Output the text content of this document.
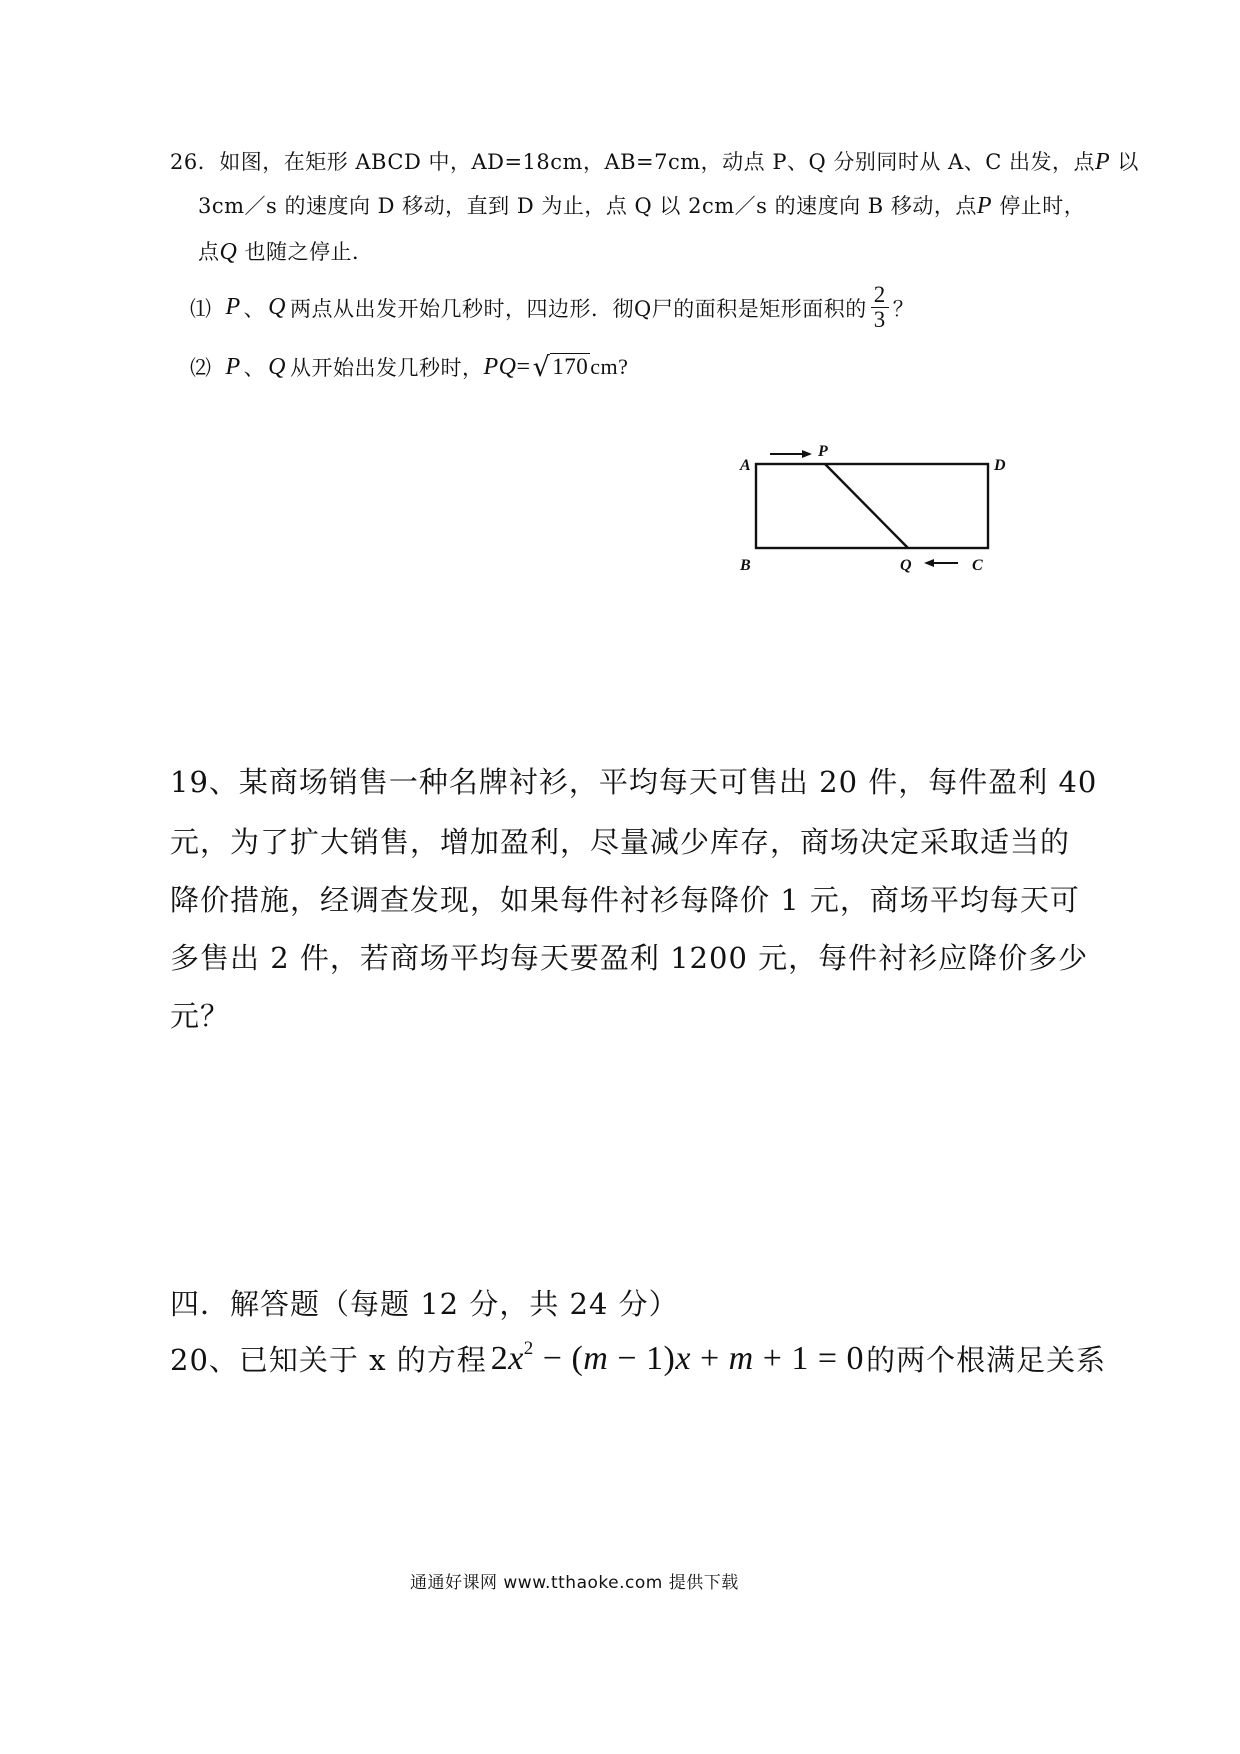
26．如图，在矩形 ABCD 中，AD=18cm，AB=7cm，动点 P、Q 分别同时从 A、C 出发，点P 以
3cm／s 的速度向 D 移动，直到 D 为止，点 Q 以 2cm／s 的速度向 B 移动，点P 停止时，
点Q 也随之停止．
⑴ P 、 Q 两点从出发开始几秒时，四边形．彻Q尸的面积是矩形面积的 $\frac{2}{3}$ ？
⑵ P 、 Q 从开始出发几秒时， PQ = √ 170 cm?
A
B	C
D
P
Q
19、某商场销售一种名牌衬衫，平均每天可售出 20 件，每件盈利 40
元，为了扩大销售，增加盈利，尽量减少库存，商场决定采取适当的
降价措施，经调查发现，如果每件衬衫每降价 1 元，商场平均每天可
多售出 2 件，若商场平均每天要盈利 1200 元，每件衬衫应降价多少
元？
四．解答题（每题 12 分，共 24 分）
20、已知关于 x 的方程 $2x^2 - (m - 1)x + m + 1 = 0$ 的两个根满足关系
通通好课网 www.tthaoke.com 提供下载
